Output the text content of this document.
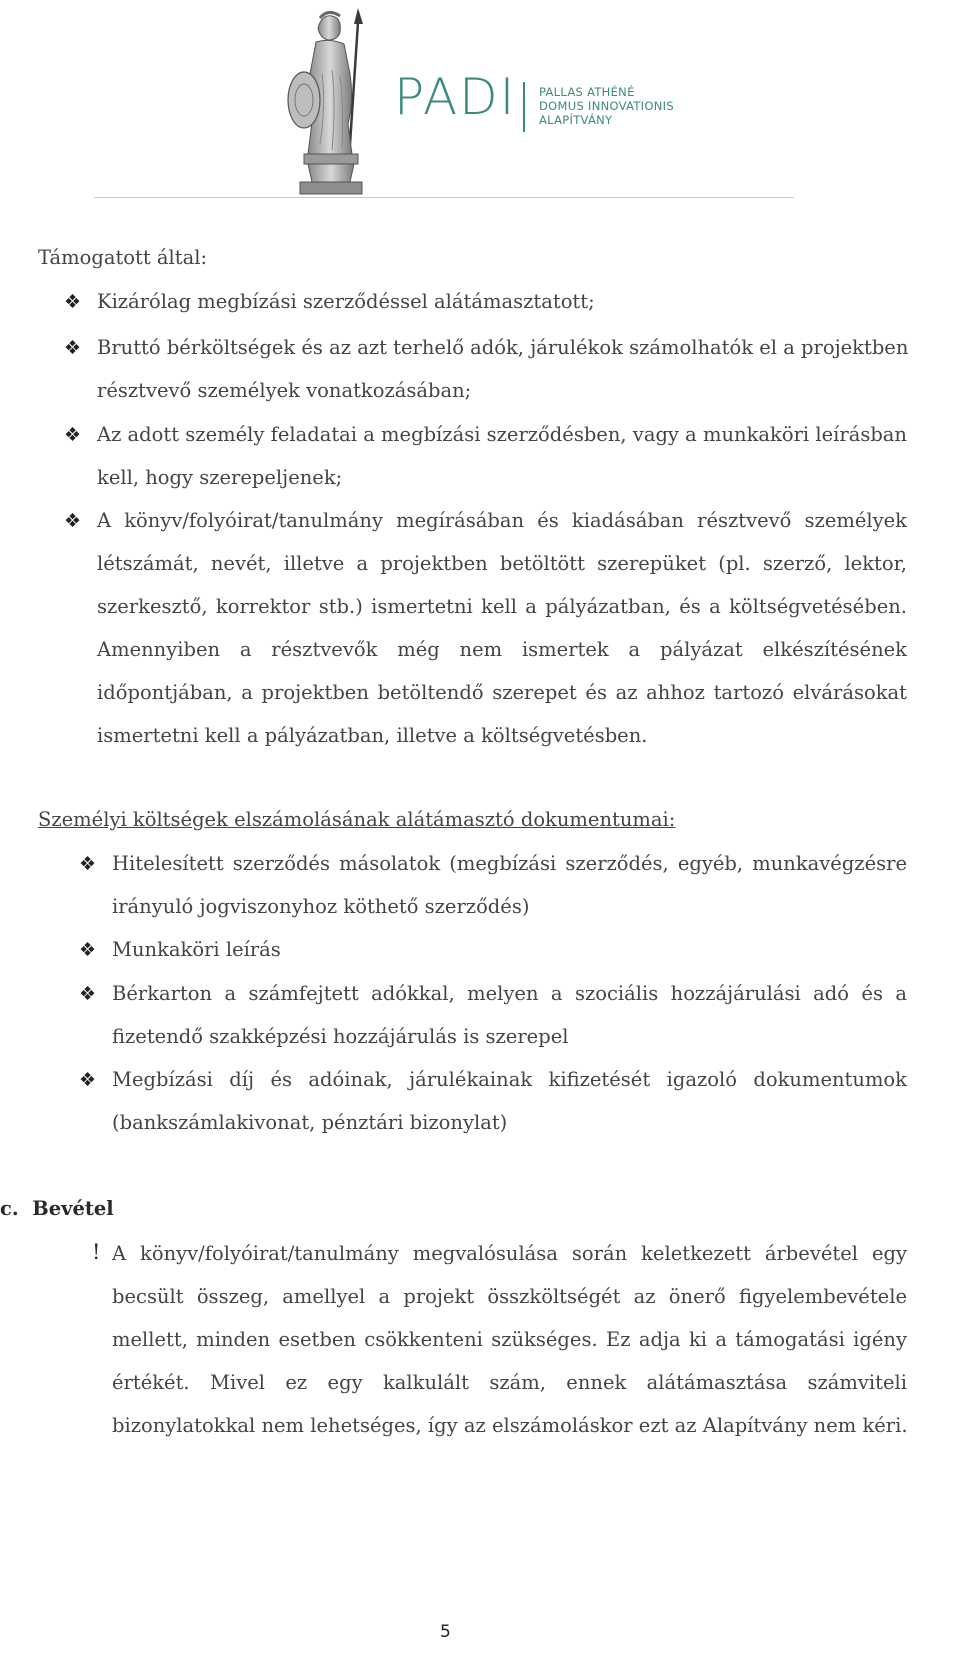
PADI PALLAS ATHÉNÉ
DOMUS INNOVATIONIS
ALAPÍTVÁNY
Támogatott által:
❖ Kizárólag megbízási szerződéssel alátámasztatott;
❖ Bruttó bérköltségek és az azt terhelő adók, járulékok számolhatók el a projektben
résztvevő személyek vonatkozásában;
❖ Az adott személy feladatai a megbízási szerződésben, vagy a munkaköri leírásban
kell, hogy szerepeljenek;
❖ A könyv/folyóirat/tanulmány megírásában és kiadásában résztvevő személyek
létszámát, nevét, illetve a projektben betöltött szerepüket (pl. szerző, lektor,
szerkesztő, korrektor stb.) ismertetni kell a pályázatban, és a költségvetésében.
Amennyiben a résztvevők még nem ismertek a pályázat elkészítésének
időpontjában, a projektben betöltendő szerepet és az ahhoz tartozó elvárásokat
ismertetni kell a pályázatban, illetve a költségvetésben.
Személyi költségek elszámolásának alátámasztó dokumentumai:
❖ Hitelesített szerződés másolatok (megbízási szerződés, egyéb, munkavégzésre
irányuló jogviszonyhoz köthető szerződés)
❖ Munkaköri leírás
❖ Bérkarton a számfejtett adókkal, melyen a szociális hozzájárulási adó és a
fizetendő szakképzési hozzájárulás is szerepel
❖ Megbízási díj és adóinak, járulékainak kifizetését igazoló dokumentumok
(bankszámlakivonat, pénztári bizonylat)
c.  Bevétel
! A könyv/folyóirat/tanulmány megvalósulása során keletkezett árbevétel egy
becsült összeg, amellyel a projekt összköltségét az önerő figyelembevétele
mellett, minden esetben csökkenteni szükséges. Ez adja ki a támogatási igény
értékét. Mivel ez egy kalkulált szám, ennek alátámasztása számviteli
bizonylatokkal nem lehetséges, így az elszámoláskor ezt az Alapítvány nem kéri.
5
